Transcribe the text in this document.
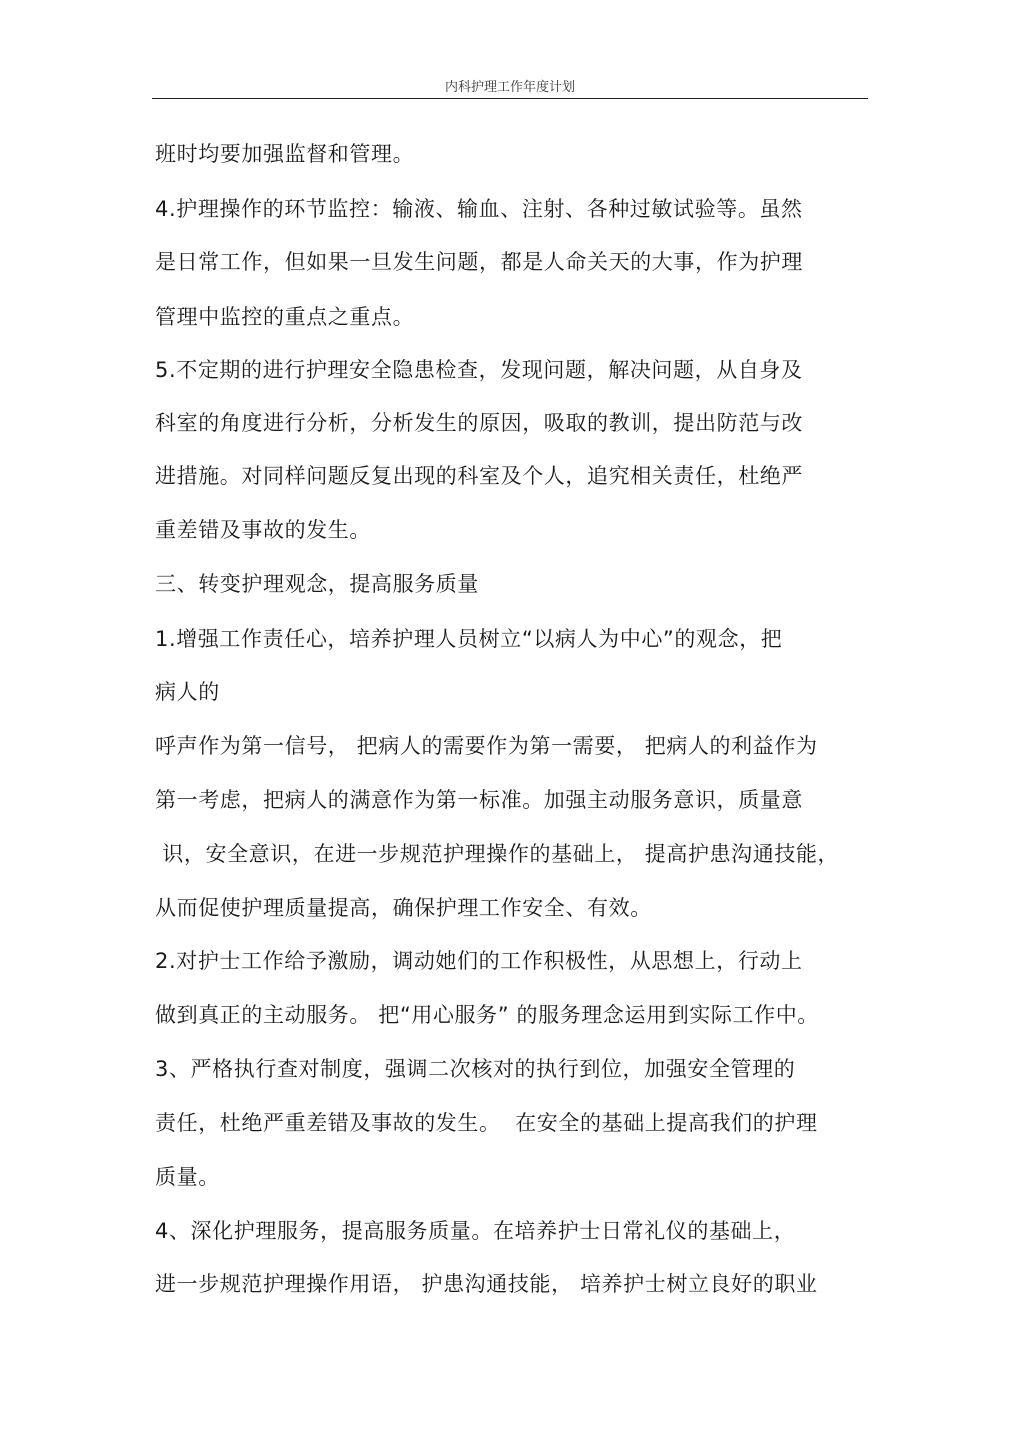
内科护理工作年度计划
班时均要加强监督和管理。
4.护理操作的环节监控：输液、输血、注射、各种过敏试验等。虽然
是日常工作，但如果一旦发生问题，都是人命关天的大事，作为护理
管理中监控的重点之重点。
5.不定期的进行护理安全隐患检查，发现问题，解决问题，从自身及
科室的角度进行分析，分析发生的原因，吸取的教训，提出防范与改
进措施。对同样问题反复出现的科室及个人，追究相关责任，杜绝严
重差错及事故的发生。
三、转变护理观念，提高服务质量
1.增强工作责任心，培养护理人员树立“以病人为中心”的观念，把
病人的
呼声作为第一信号， 把病人的需要作为第一需要， 把病人的利益作为
第一考虑，把病人的满意作为第一标准。加强主动服务意识，质量意
识，安全意识，在进一步规范护理操作的基础上， 提高护患沟通技能，
从而促使护理质量提高，确保护理工作安全、有效。
2.对护士工作给予激励，调动她们的工作积极性，从思想上，行动上
做到真正的主动服务。 把“用心服务” 的服务理念运用到实际工作中。
3、严格执行查对制度，强调二次核对的执行到位，加强安全管理的
责任，杜绝严重差错及事故的发生。  在安全的基础上提高我们的护理
质量。
4、深化护理服务，提高服务质量。在培养护士日常礼仪的基础上，
进一步规范护理操作用语， 护患沟通技能， 培养护士树立良好的职业
